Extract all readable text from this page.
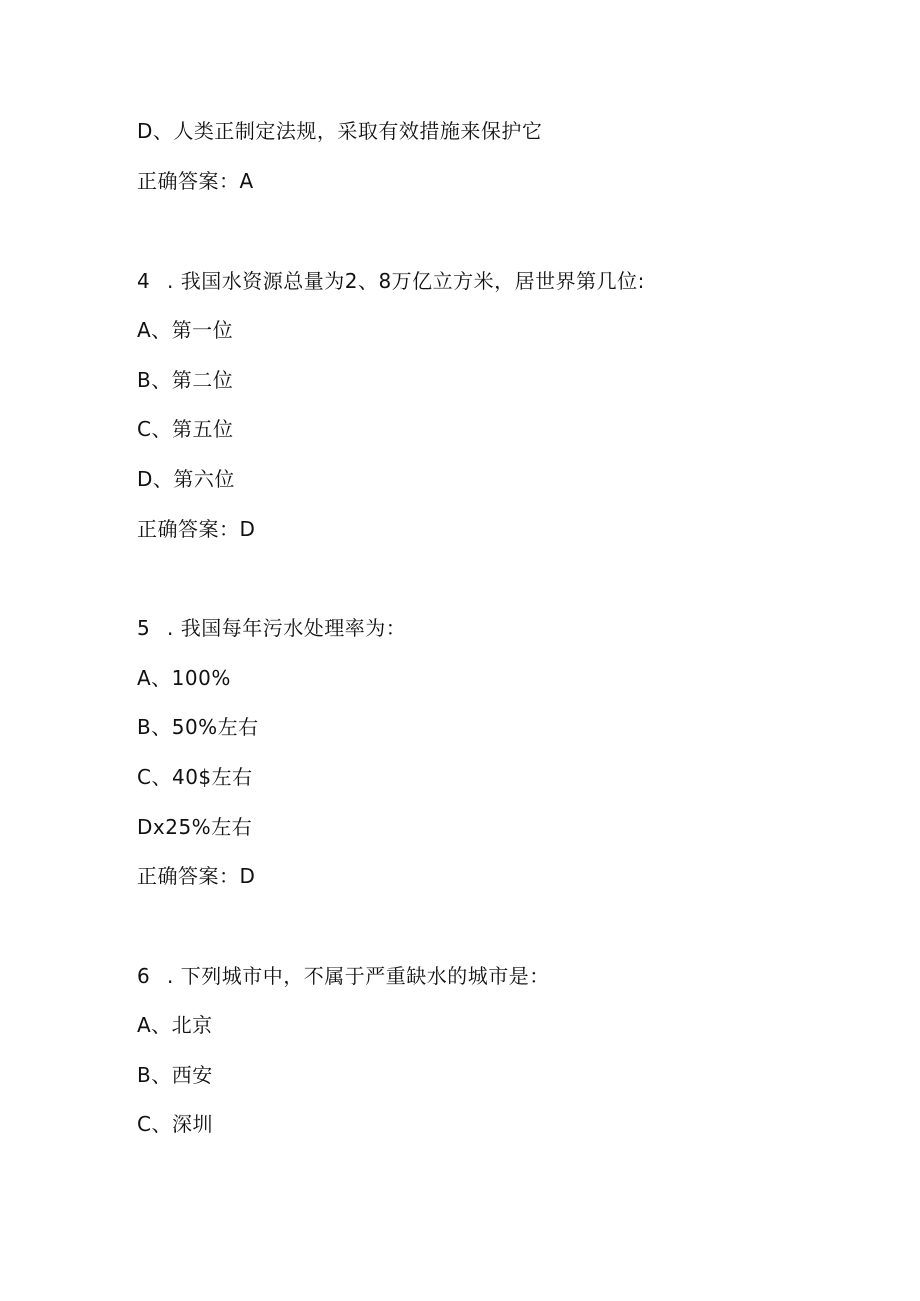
D、人类正制定法规，采取有效措施来保护它
正确答案：A
4 . 我国水资源总量为2、8万亿立方米，居世界第几位:
A、第一位
B、第二位
C、第五位
D、第六位
正确答案：D
5 . 我国每年污水处理率为：
A、100%
B、50%左右
C、40$左右
Dx25%左右
正确答案：D
6 . 下列城市中，不属于严重缺水的城市是：
A、北京
B、西安
C、深圳
